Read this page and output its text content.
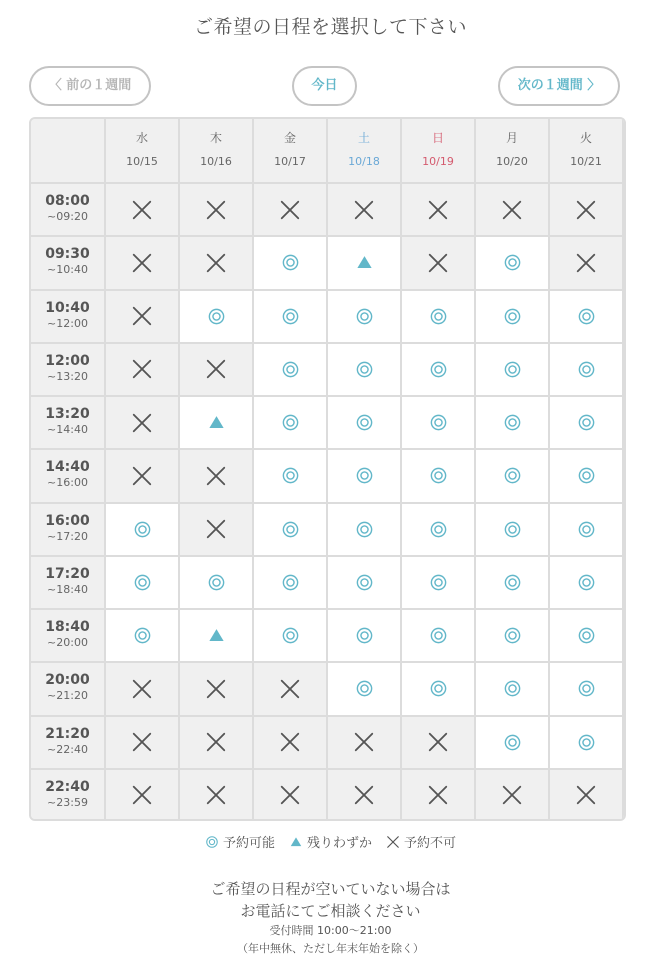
ご希望の日程を選択して下さい
〈 前の１週間	今日	次の１週間 〉
水
10/15
木
10/16
金
10/17
土
10/18
日
10/19
月
10/20
火
10/21
08:00
~09:20
09:30
~10:40
10:40
~12:00
12:00
~13:20
13:20
~14:40
14:40
~16:00
16:00
~17:20
17:20
~18:40
18:40
~20:00
20:00
~21:20
21:20
~22:40
22:40
~23:59
予約可能 残りわずか 予約不可
ご希望の日程が空いていない場合は
お電話にてご相談ください
受付時間 10:00〜21:00
（年中無休、ただし年末年始を除く）
